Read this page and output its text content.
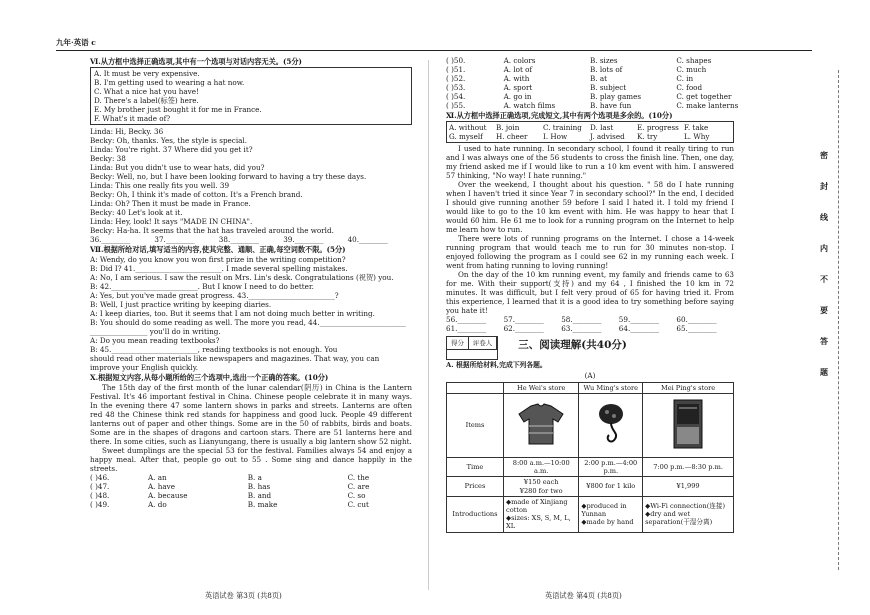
九年·英语 c
Ⅵ.从方框中选择正确选项,其中有一个选项与对话内容无关。(5分)
A. It must be very expensive.
B. I'm getting used to wearing a hat now.
C. What a nice hat you have!
D. There's a label(标签) here.
E. My brother just bought it for me in France.
F. What's it made of?
Linda: Hi, Becky. 36
Becky: Oh, thanks. Yes, the style is special.
Linda: You're right. 37 Where did you get it?
Becky: 38
Linda: But you didn't use to wear hats, did you?
Becky: Well, no, but I have been looking forward to having a try these days.
Linda: This one really fits you well. 39
Becky: Oh, I think it's made of cotton. It's a French brand.
Linda: Oh? Then it must be made in France.
Becky: 40 Let's look at it.
Linda: Hey, look! It says "MADE IN CHINA".
Becky: Ha-ha. It seems that the hat has traveled around the world.
36.________	37.________	38.________	39.________	40.________
Ⅶ.根据所给对话,填写适当的内容,使其完整、通顺、正确,每空词数不限。(5分)
A: Wendy, do you know you won first prize in the writing competition?
B: Did I? 41.________________________. I made several spelling mistakes.
A: No, I am serious. I saw the result on Mrs. Lin's desk. Congratulations (祝贺) you.
B: 42.________________________. But I know I need to do better.
A: Yes, but you've made great progress. 43.________________________?
B: Well, I just practice writing by keeping diaries.
A: I keep diaries, too. But it seems that I am not doing much better in writing.
B: You should do some reading as well. The more you read, 44.________________________
________________ you'll do in writing.
A: Do you mean reading textbooks?
B: 45.________________________, reading textbooks is not enough. You
should read other materials like newspapers and magazines. That way, you can
improve your English quickly.
Ⅹ.根据短文内容,从每小题所给的三个选项中,选出一个正确的答案。(10分)
The 15th day of the first month of the lunar calendar(阴历) in China is the Lantern Festival. It's 46 important festival in China. Chinese people celebrate it in many ways. In the evening there 47 some lantern shows in parks and streets. Lanterns are often red 48 the Chinese think red stands for happiness and good luck. People 49 different lanterns out of paper and other things. Some are in the 50 of rabbits, birds and boats. Some are in the shapes of dragons and cartoon stars. There are 51 lanterns here and there. In some cities, such as Lianyungang, there is usually a big lantern show 52 night.
Sweet dumplings are the special 53 for the festival. Families always 54 and enjoy a happy meal. After that, people go out to 55 . Some sing and dance happily in the streets.
( )46.	A. an	B. a	C. the
( )47.	A. have	B. has	C. are
( )48.	A. because	B. and	C. so
( )49.	A. do	B. make	C. cut
( )50.	A. colors	B. sizes	C. shapes
( )51.	A. lot of	B. lots of	C. much
( )52.	A. with	B. at	C. in
( )53.	A. sport	B. subject	C. food
( )54.	A. go in	B. play games	C. get together
( )55.	A. watch films	B. have fun	C. make lanterns
Ⅺ.从方框中选择正确选项,完成短文,其中有两个选项是多余的。(10分)
A. without	B. join	C. training	D. last	E. progress F. take
G. myself	H. cheer	I. How	J. advised	K. try	L. Why
I used to hate running. In secondary school, I found it really tiring to run and I was always one of the 56 students to cross the finish line. Then, one day, my friend asked me if I would like to run a 10 km event with him. I answered 57 thinking, "No way! I hate running."
Over the weekend, I thought about his question. " 58 do I hate running when I haven't tried it since Year 7 in secondary school?" In the end, I decided I should give running another 59 before I said I hated it. I told my friend I would like to go to the 10 km event with him. He was happy to hear that I would 60 him. He 61 me to look for a running program on the Internet to help me learn how to run.
There were lots of running programs on the Internet. I chose a 14-week running program that would teach me to run for 30 minutes non-stop. I enjoyed following the program as I could see 62 in my running each week. I went from hating running to loving running!
On the day of the 10 km running event, my family and friends came to 63 for me. With their support(支持) and my 64 , I finished the 10 km in 72 minutes. It was difficult, but I felt very proud of 65 for having tried it. From this experience, I learned that it is a good idea to try something before saying you hate it!
56.________	57.________	58.________	59.________	60.________
61.________	62.________	63.________	64.________	65.________
得分	评卷人	三、阅读理解(共40分)
A. 根据所给材料,完成下列各题。
(A)
	He Wei's store	Wu Ming's store	Mei Ping's store
Items			
Time	8:00 a.m.—10:00 a.m.	2:00 p.m.—4:00 p.m.	7:00 p.m.—8:30 p.m.
Prices	¥150 each
¥280 for two	¥800 for 1 kilo	¥1,999
Introductions	◆made of Xinjiang cotton
◆sizes: XS, S, M, L, XL	◆produced in Yunnan
◆made by hand	◆Wi-Fi connection(连接)
◆dry and wet separation(干湿分离)
密
封
线
内
不
要
答
题
英语试卷 第3页 (共8页)	英语试卷 第4页 (共8页)
